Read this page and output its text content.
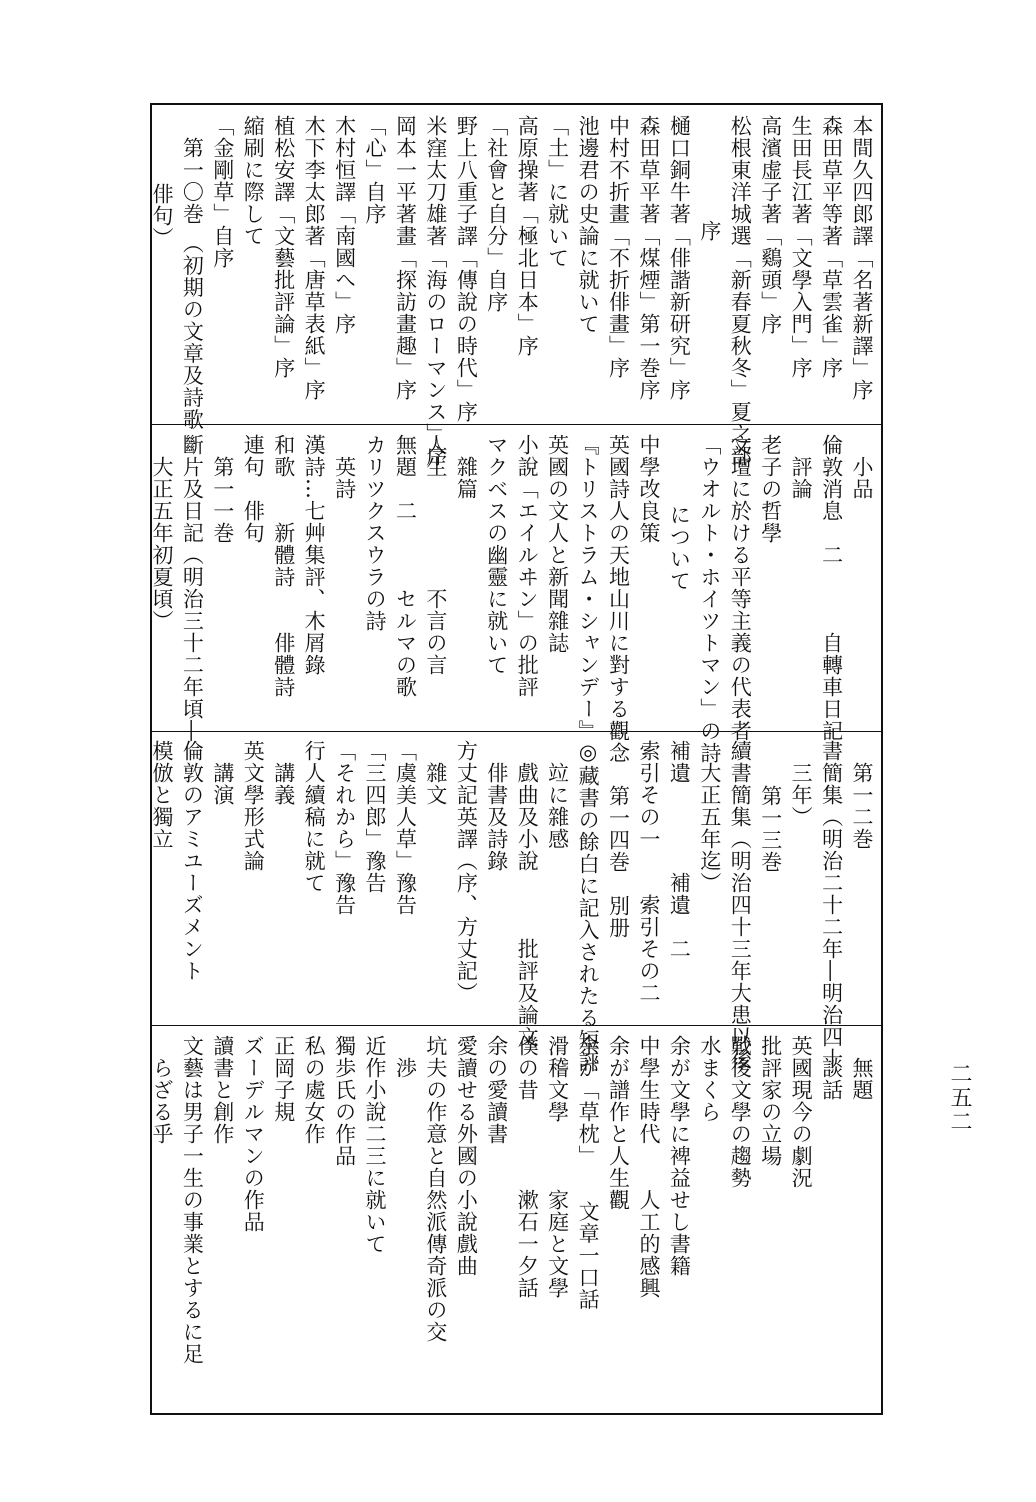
二五二
本間久四郎譯「名著新譯」序
森田草平等著「草雲雀」序
生田長江著「文學入門」序
高濱虚子著「鷄頭」序
松根東洋城選「新春夏秋冬」夏之部
序
樋口銅牛著「俳諧新研究」序
森田草平著「煤煙」第一巻序
中村不折畫「不折俳畫」序
池邊君の史論に就いて
「土」に就いて
高原操著「極北日本」序
「社會と自分」自序
野上八重子譯「傳說の時代」序
米窪太刀雄著「海のローマンス」序
岡本一平著畫「探訪畫趣」序
「心」自序
木村恒譯「南國へ」序
木下李太郎著「唐草表紙」序
植松安譯「文藝批評論」序
縮刷に際して
「金剛草」自序
第一〇巻 （初期の文章及詩歌
俳句）
小品
倫敦消息　二　　　自轉車日記
評論
老子の哲學
文壇に於ける平等主義の代表者
「ウオルト・ホイツトマン」の詩
について
中學改良策
英國詩人の天地山川に對する觀念
『トリストラム・シャンデー』
英國の文人と新聞雜誌
小說「エイルヰン」の批評
マクベスの幽靈に就いて
雜篇
人生　　　　　不言の言
無題　二　　　セルマの歌
カリツクスウラの詩
英詩
漢詩…七艸集評、木屑錄
和歌　　新體詩　　俳體詩
連句　俳句
第一一巻
斷片及日記（明治三十二年頃―
大正五年初夏頃）
第一二巻
書簡集（明治二十二年―明治四十
三年）
第一三巻
續書簡集（明治四十三年大患以後
大正五年迄）
補遺　　　　補遺　二
索引その一　　索引その二
第一四巻　別册
◎藏書の餘白に記入されたる短評
竝に雜感
戲曲及小說　　　批評及論文
俳書及詩錄
方丈記英譯（序、方丈記）
雜文
「虞美人草」豫告
「三四郎」豫告
「それから」豫告
行人續稿に就て
講義
英文學形式論
講演
倫敦のアミユーズメント
模倣と獨立
無題
談話
英國現今の劇況
批評家の立場
戰後文學の趨勢
水まくら
余が文學に裨益せし書籍
中學生時代　　人工的感興
余が譜作と人生觀
余が「草枕」　　文章一口話
滑稽文學　　　家庭と文學
僕の昔　　　　漱石一夕話
余の愛讀書
愛讀せる外國の小說戲曲
坑夫の作意と自然派傳奇派の交
渉
近作小說二三に就いて
獨歩氏の作品
私の處女作
正岡子規
ズーデルマンの作品
讀書と創作
文藝は男子一生の事業とするに足
らざる乎
